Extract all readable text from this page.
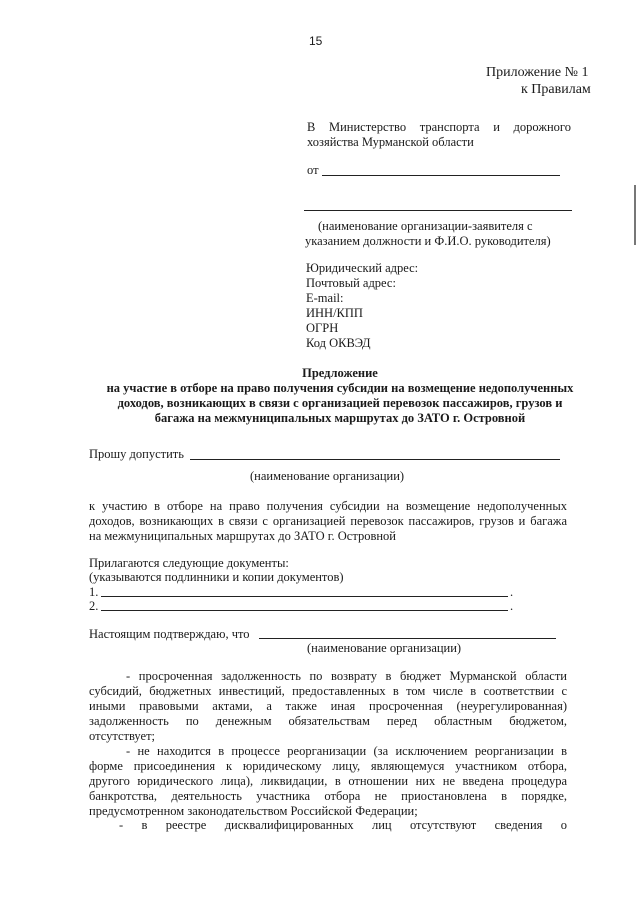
15
Приложение № 1
к Правилам
В Министерство транспорта и дорожного
хозяйства Мурманской области
от
(наименование организации-заявителя с
указанием должности и Ф.И.О. руководителя)
Юридический адрес:
Почтовый адрес:
E-mail:
ИНН/КПП
ОГРН
Код ОКВЭД
Предложение
на участие в отборе на право получения субсидии на возмещение недополученных
доходов, возникающих в связи с организацией перевозок пассажиров, грузов и
багажа на межмуниципальных маршрутах до ЗАТО г. Островной
Прошу допустить
(наименование организации)
к участию в отборе на право получения субсидии на возмещение недополученных
доходов, возникающих в связи с организацией перевозок пассажиров, грузов и багажа
на межмуниципальных маршрутах до ЗАТО г. Островной
Прилагаются следующие документы:
(указываются подлинники и копии документов)
1.	.
2.	.
Настоящим подтверждаю, что
(наименование организации)
- просроченная задолженность по возврату в бюджет Мурманской области
субсидий, бюджетных инвестиций, предоставленных в том числе в соответствии с
иными правовыми актами, а также иная просроченная (неурегулированная)
задолженность по денежным обязательствам перед областным бюджетом,
отсутствует;
- не находится в процессе реорганизации (за исключением реорганизации в
форме присоединения к юридическому лицу, являющемуся участником отбора,
другого юридического лица), ликвидации, в отношении них не введена процедура
банкротства, деятельность участника отбора не приостановлена в порядке,
предусмотренном законодательством Российской Федерации;
- в реестре дисквалифицированных лиц отсутствуют сведения о
